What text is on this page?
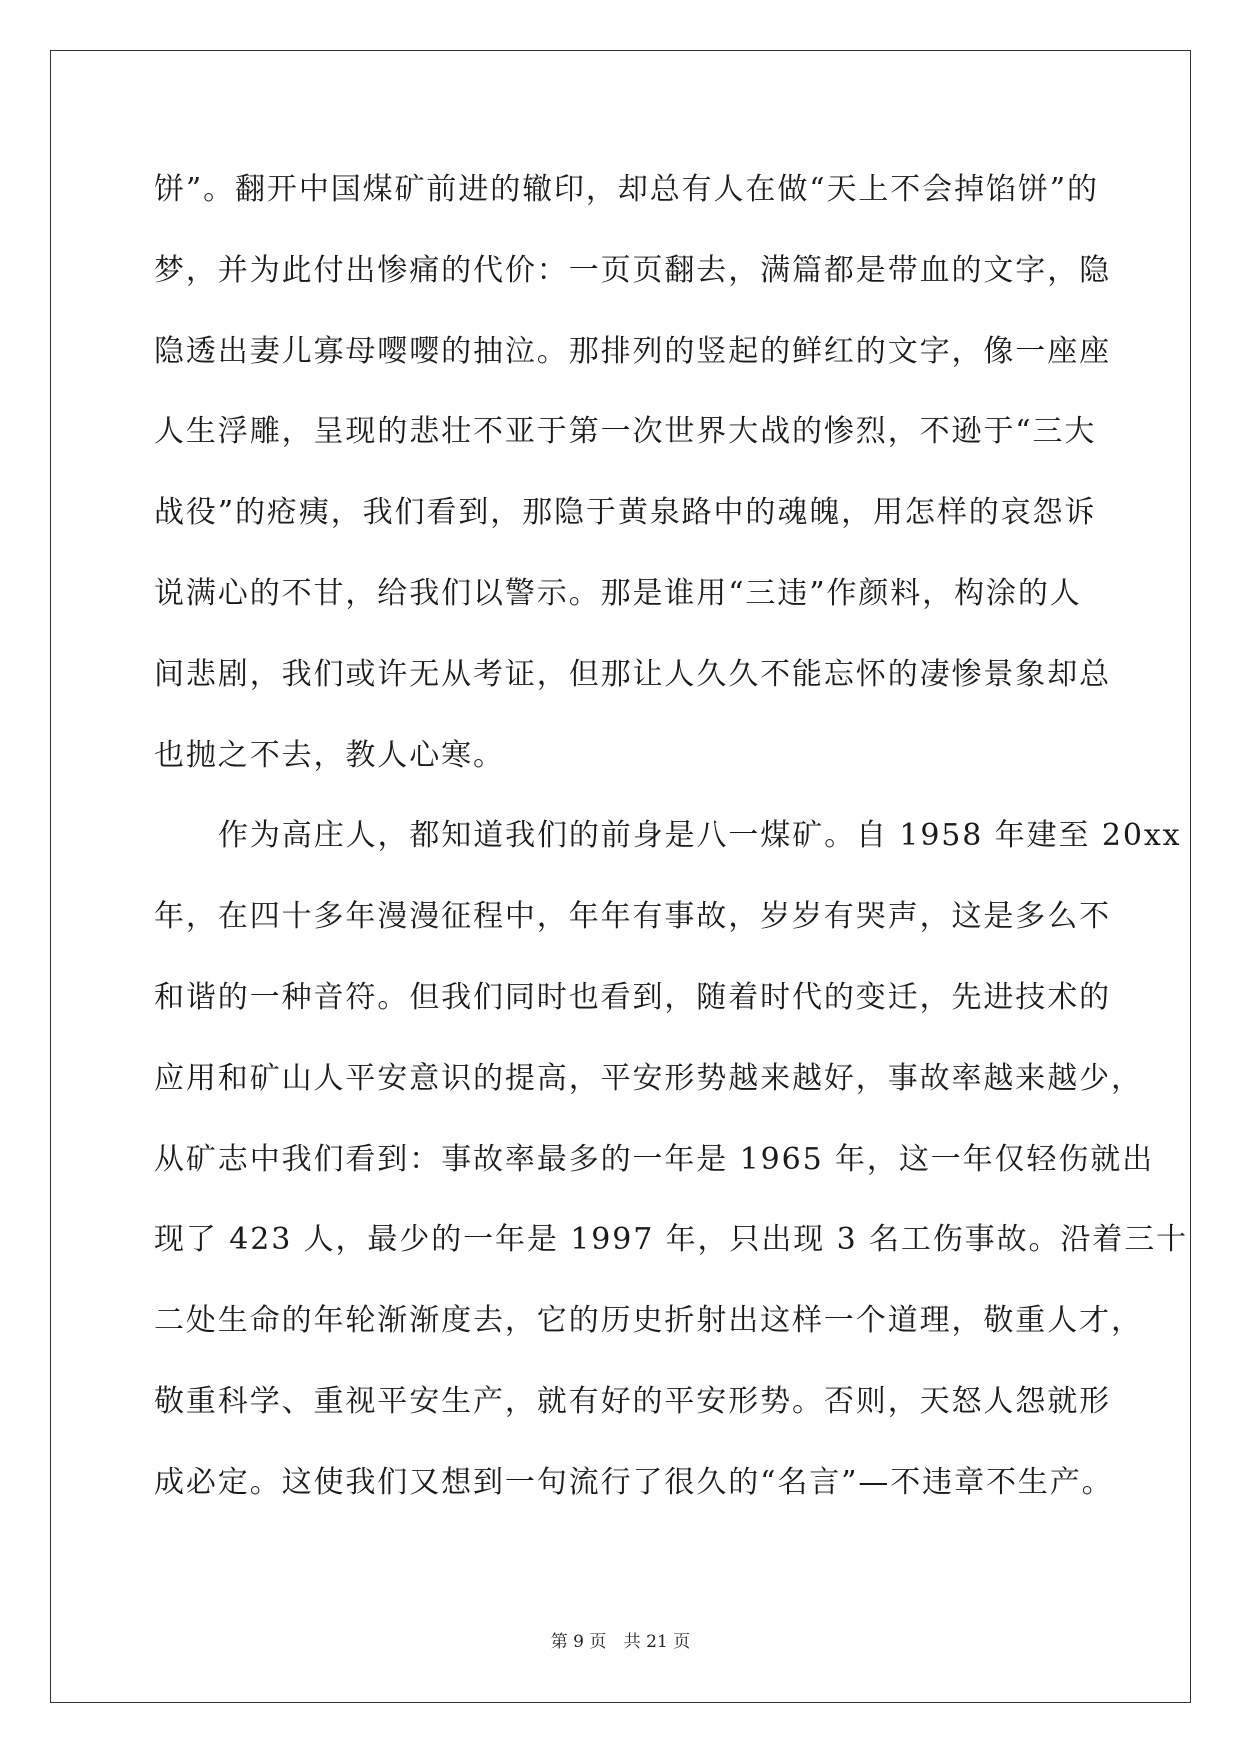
饼”。翻开中国煤矿前进的辙印，却总有人在做“天上不会掉馅饼”的
梦，并为此付出惨痛的代价：一页页翻去，满篇都是带血的文字，隐
隐透出妻儿寡母嘤嘤的抽泣。那排列的竖起的鲜红的文字，像一座座
人生浮雕，呈现的悲壮不亚于第一次世界大战的惨烈，不逊于“三大
战役”的疮痍，我们看到，那隐于黄泉路中的魂魄，用怎样的哀怨诉
说满心的不甘，给我们以警示。那是谁用“三违”作颜料，构涂的人
间悲剧，我们或许无从考证，但那让人久久不能忘怀的凄惨景象却总
也抛之不去，教人心寒。
作为高庄人，都知道我们的前身是八一煤矿。自 1958 年建至 20xx
年，在四十多年漫漫征程中，年年有事故，岁岁有哭声，这是多么不
和谐的一种音符。但我们同时也看到，随着时代的变迁，先进技术的
应用和矿山人平安意识的提高，平安形势越来越好，事故率越来越少，
从矿志中我们看到：事故率最多的一年是 1965 年，这一年仅轻伤就出
现了 423 人，最少的一年是 1997 年，只出现 3 名工伤事故。沿着三十
二处生命的年轮渐渐度去，它的历史折射出这样一个道理，敬重人才，
敬重科学、重视平安生产，就有好的平安形势。否则，天怒人怨就形
成必定。这使我们又想到一句流行了很久的“名言”—不违章不生产。
第 9 页 共 21 页
